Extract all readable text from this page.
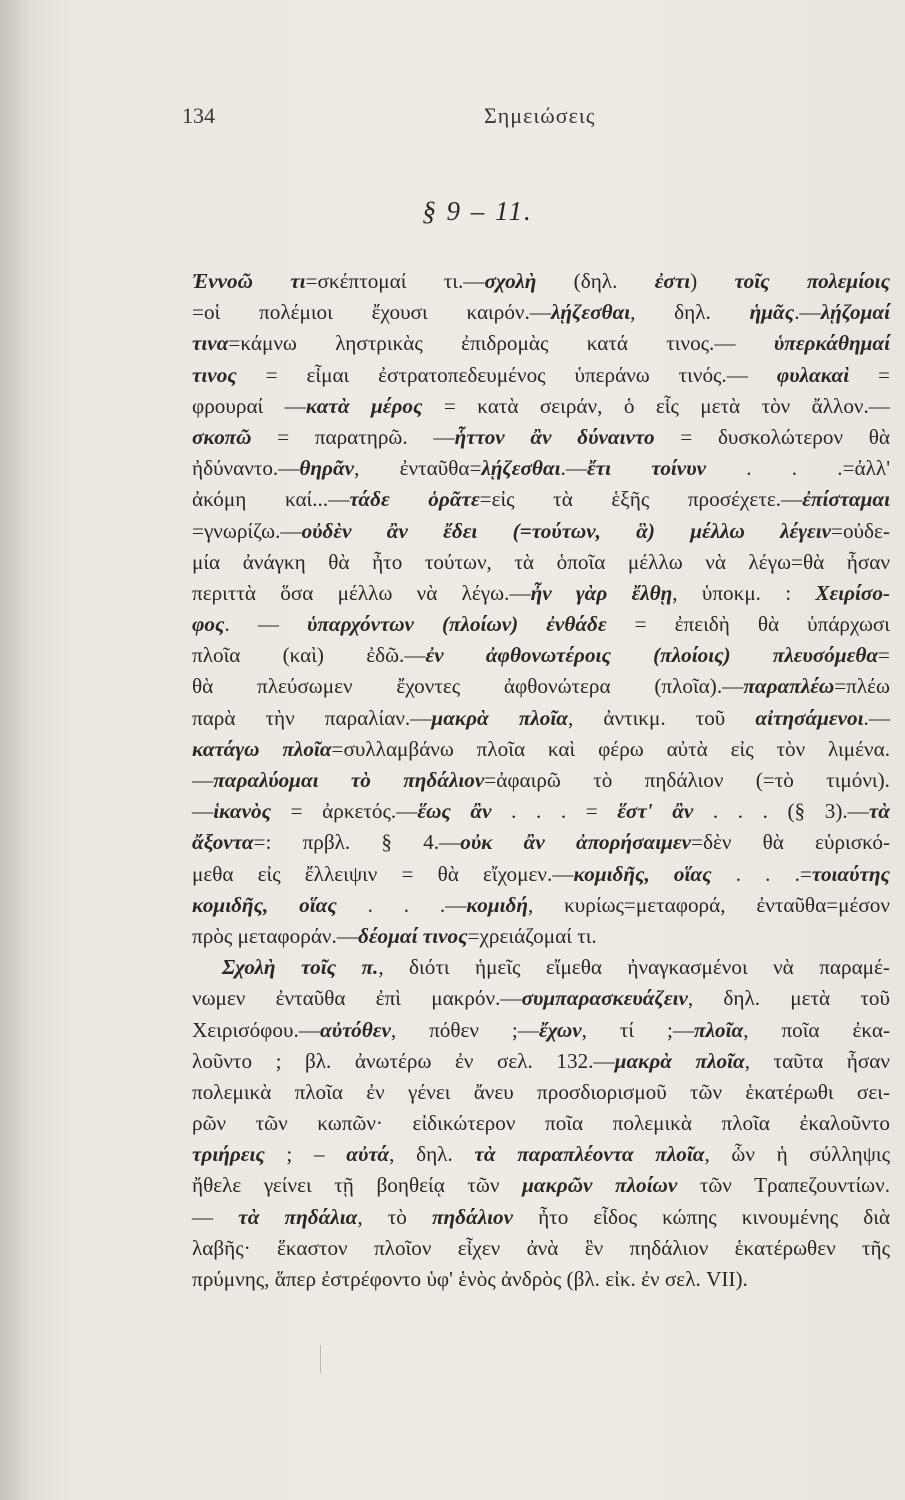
134	Σημειώσεις
§ 9 – 11.
Ἐννοῶ τι=σκέπτομαί τι.—σχολὴ (δηλ. ἐστι) τοῖς πολεμίοις
=οἱ πολέμιοι ἔχουσι καιρόν.—λῄζεσθαι, δηλ. ἡμᾶς.—λῄζομαί
τινα=κάμνω ληστρικὰς ἐπιδρομὰς κατά τινος.— ὑπερκάθημαί
τινος = εἶμαι ἐστρατοπεδευμένος ὑπεράνω τινός.— φυλακαὶ =
φρουραί —κατὰ μέρος = κατὰ σειράν, ὁ εἷς μετὰ τὸν ἄλλον.—
σκοπῶ = παρατηρῶ. —ἧττον ἂν δύναιντο = δυσκολώτερον θὰ
ἠδύναντο.—θηρᾶν, ἐνταῦθα=λῄζεσθαι.—ἔτι τοίνυν . . .=ἀλλ'
ἀκόμη καί...—τάδε ὁρᾶτε=εἰς τὰ ἑξῆς προσέχετε.—ἐπίσταμαι
=γνωρίζω.—οὐδὲν ἂν ἔδει (=τούτων, ἃ) μέλλω λέγειν=οὐδε-
μία ἀνάγκη θὰ ἦτο τούτων, τὰ ὁποῖα μέλλω νὰ λέγω=θὰ ἦσαν
περιττὰ ὅσα μέλλω νὰ λέγω.—ἦν γὰρ ἔλθῃ, ὑποκμ. : Χειρίσο-
φος. — ὑπαρχόντων (πλοίων) ἐνθάδε = ἐπειδὴ θὰ ὑπάρχωσι
πλοῖα (καὶ) ἐδῶ.—ἐν ἀφθονωτέροις (πλοίοις) πλευσόμεθα=
θὰ πλεύσωμεν ἔχοντες ἀφθονώτερα (πλοῖα).—παραπλέω=πλέω
παρὰ τὴν παραλίαν.—μακρὰ πλοῖα, ἀντικμ. τοῦ αἰτησάμενοι.—
κατάγω πλοῖα=συλλαμβάνω πλοῖα καὶ φέρω αὐτὰ εἰς τὸν λιμένα.
—παραλύομαι τὸ πηδάλιον=ἀφαιρῶ τὸ πηδάλιον (=τὸ τιμόνι).
—ἱκανὸς = ἀρκετός.—ἕως ἂν . . . = ἕστ' ἂν . . . (§ 3).—τὰ
ἄξοντα=: πρβλ. § 4.—οὐκ ἂν ἀπορήσαιμεν=δὲν θὰ εὑρισκό-
μεθα εἰς ἔλλειψιν = θὰ εἴχομεν.—κομιδῆς, οἵας . . .=τοιαύτης
κομιδῆς, οἵας . . .—κομιδή, κυρίως=μεταφορά, ἐνταῦθα=μέσον
πρὸς μεταφοράν.—δέομαί τινος=χρειάζομαί τι.
Σχολὴ τοῖς π., διότι ἡμεῖς εἴμεθα ἠναγκασμένοι νὰ παραμέ-
νωμεν ἐνταῦθα ἐπὶ μακρόν.—συμπαρασκευάζειν, δηλ. μετὰ τοῦ
Χειρισόφου.—αὐτόθεν, πόθεν ;—ἔχων, τί ;—πλοῖα, ποῖα ἐκα-
λοῦντο ; βλ. ἀνωτέρω ἐν σελ. 132.—μακρὰ πλοῖα, ταῦτα ἦσαν
πολεμικὰ πλοῖα ἐν γένει ἄνευ προσδιορισμοῦ τῶν ἑκατέρωθι σει-
ρῶν τῶν κωπῶν· εἰδικώτερον ποῖα πολεμικὰ πλοῖα ἐκαλοῦντο
τριήρεις ; – αὐτά, δηλ. τὰ παραπλέοντα πλοῖα, ὧν ἡ σύλληψις
ἤθελε γείνει τῇ βοηθείᾳ τῶν μακρῶν πλοίων τῶν Τραπεζουντίων.
— τὰ πηδάλια, τὸ πηδάλιον ἦτο εἶδος κώπης κινουμένης διὰ
λαβῆς· ἕκαστον πλοῖον εἶχεν ἀνὰ ἓν πηδάλιον ἑκατέρωθεν τῆς
πρύμνης, ἅπερ ἐστρέφοντο ὑφ' ἑνὸς ἀνδρὸς (βλ. εἰκ. ἐν σελ. VII).
